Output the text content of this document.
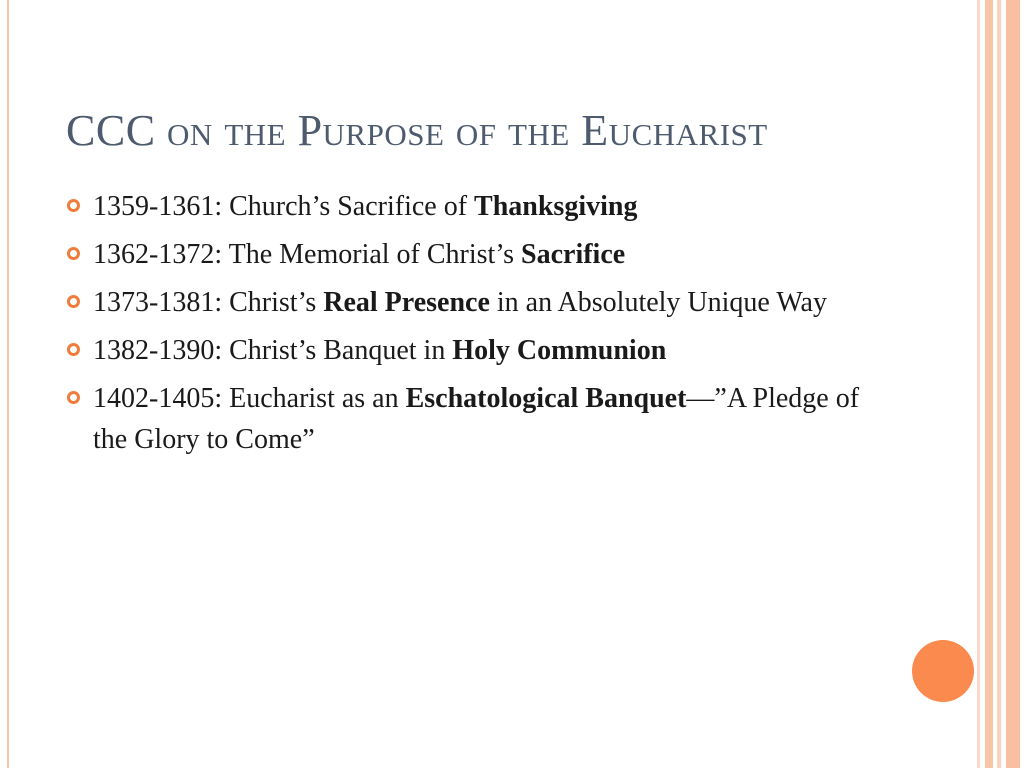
CCC on the Purpose of the Eucharist
1359-1361: Church’s Sacrifice of Thanksgiving
1362-1372: The Memorial of Christ’s Sacrifice
1373-1381: Christ’s Real Presence in an Absolutely Unique Way
1382-1390: Christ’s Banquet in Holy Communion
1402-1405: Eucharist as an Eschatological Banquet—”A Pledge of the Glory to Come”
